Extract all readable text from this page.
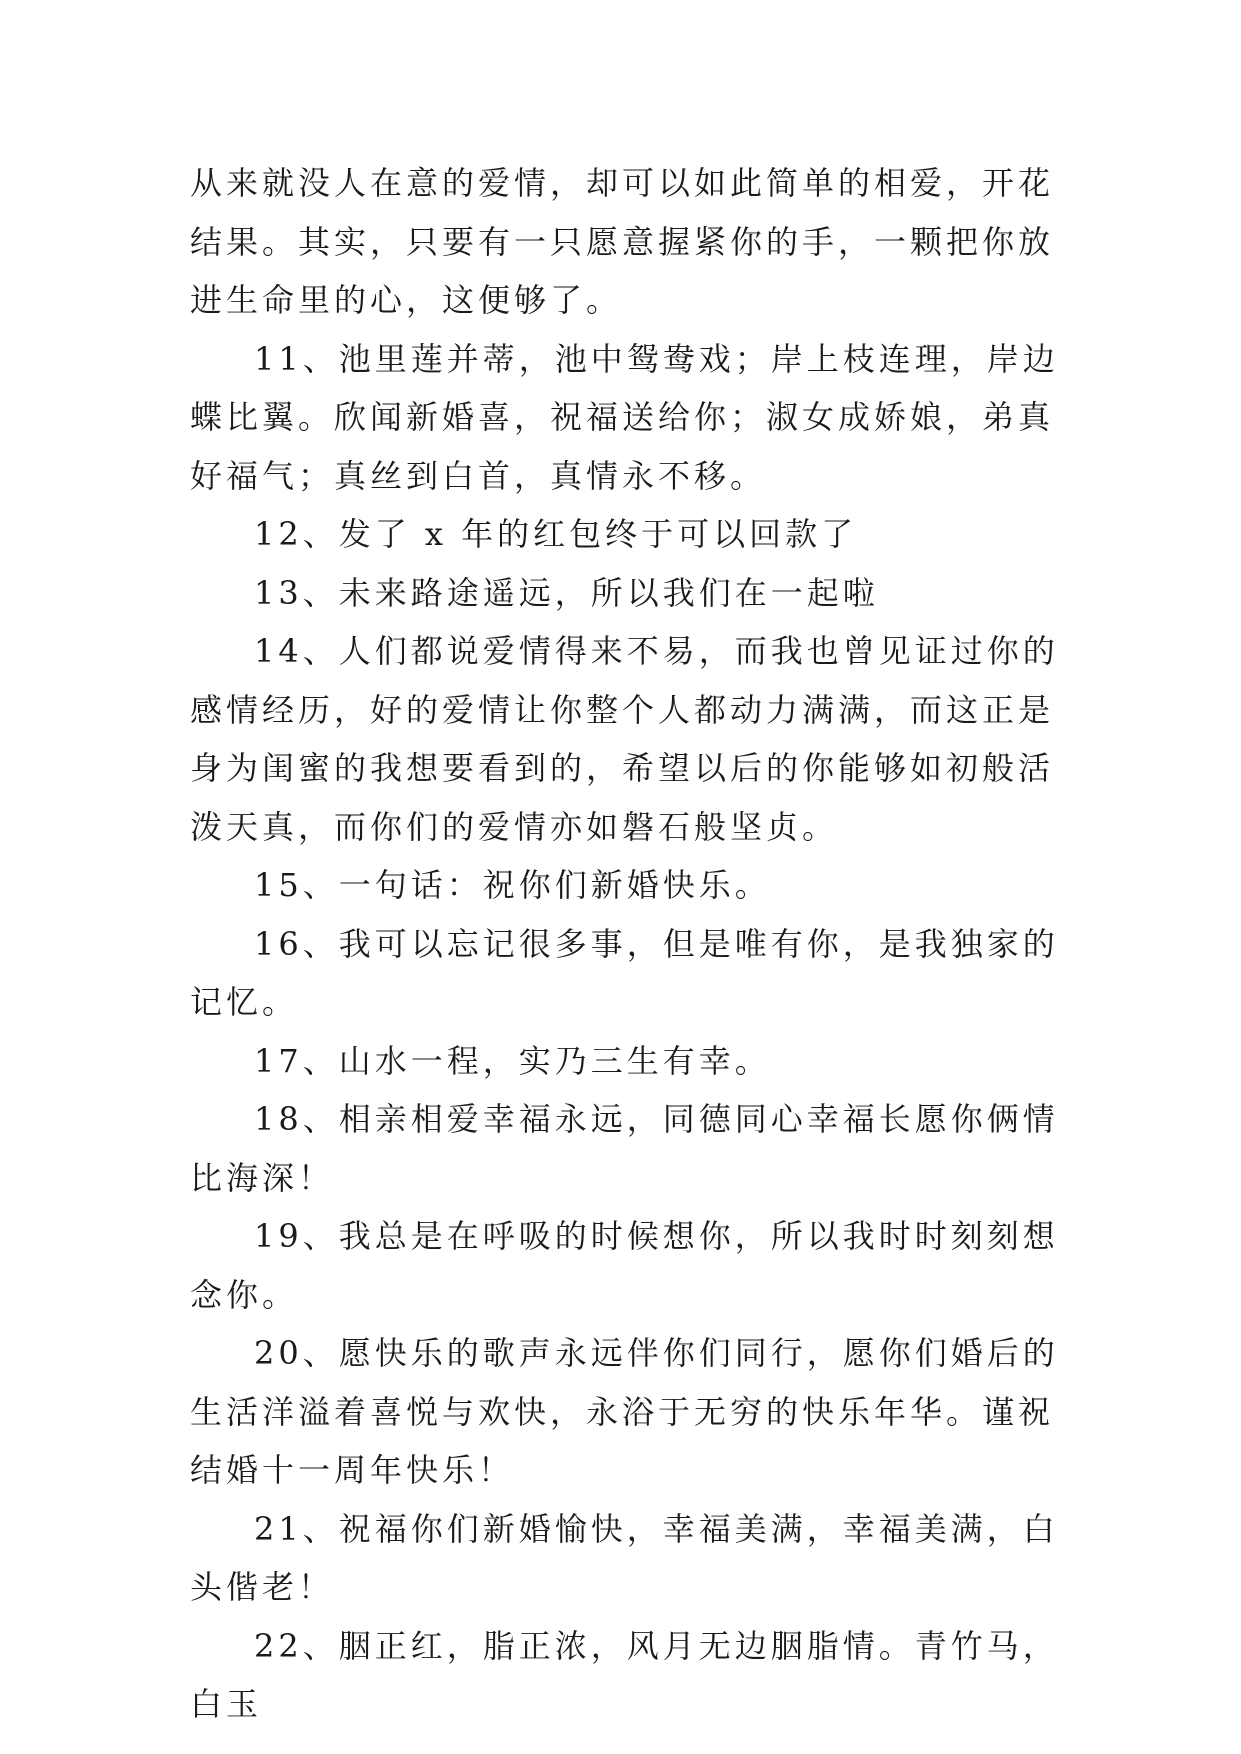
从来就没人在意的爱情，却可以如此简单的相爱，开花结果。其实，只要有一只愿意握紧你的手，一颗把你放进生命里的心，这便够了。

11、池里莲并蒂，池中鸳鸯戏；岸上枝连理，岸边蝶比翼。欣闻新婚喜，祝福送给你；淑女成娇娘，弟真好福气；真丝到白首，真情永不移。

12、发了 x 年的红包终于可以回款了

13、未来路途遥远，所以我们在一起啦

14、人们都说爱情得来不易，而我也曾见证过你的感情经历，好的爱情让你整个人都动力满满，而这正是身为闺蜜的我想要看到的，希望以后的你能够如初般活泼天真，而你们的爱情亦如磐石般坚贞。

15、一句话：祝你们新婚快乐。

16、我可以忘记很多事，但是唯有你，是我独家的记忆。

17、山水一程，实乃三生有幸。

18、相亲相爱幸福永远，同德同心幸福长愿你俩情比海深！

19、我总是在呼吸的时候想你，所以我时时刻刻想念你。

20、愿快乐的歌声永远伴你们同行，愿你们婚后的生活洋溢着喜悦与欢快，永浴于无穷的快乐年华。谨祝结婚十一周年快乐！

21、祝福你们新婚愉快，幸福美满，幸福美满，白头偕老！

22、胭正红，脂正浓，风月无边胭脂情。青竹马，白玉
